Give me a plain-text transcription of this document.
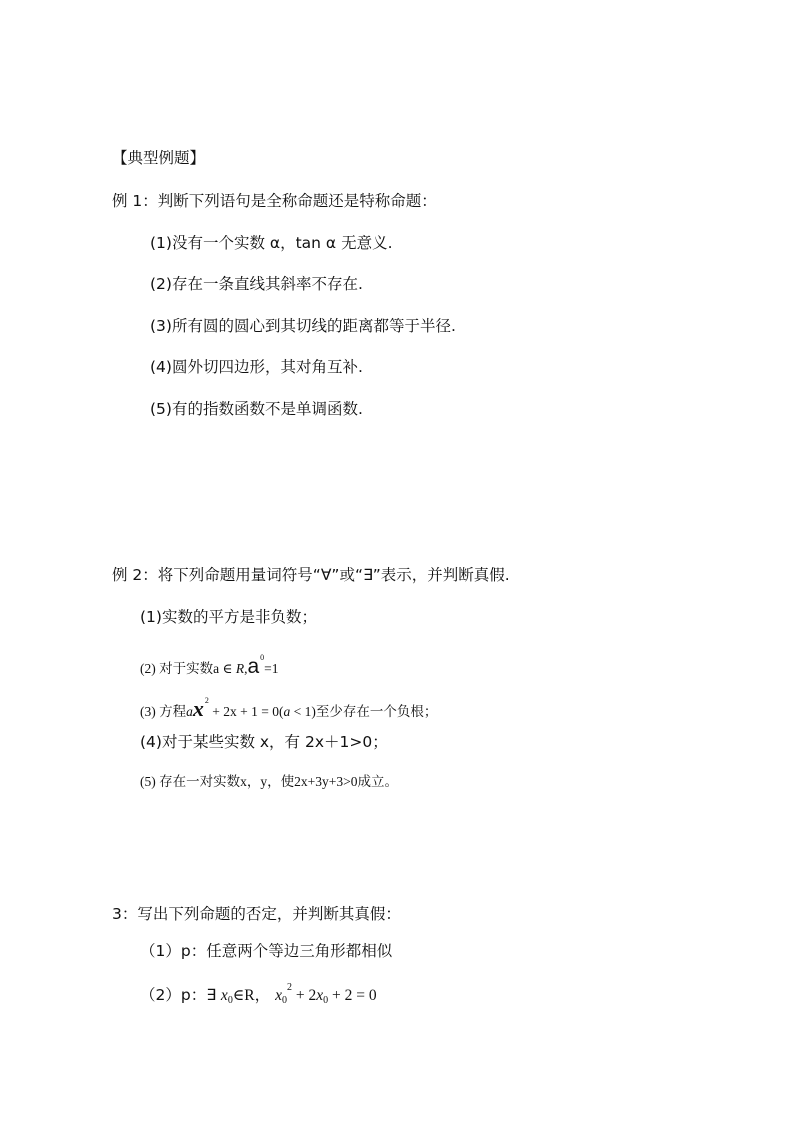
【典型例题】
例 1：判断下列语句是全称命题还是特称命题：
(1)没有一个实数 α，tan α 无意义.
(2)存在一条直线其斜率不存在.
(3)所有圆的圆心到其切线的距离都等于半径.
(4)圆外切四边形，其对角互补.
(5)有的指数函数不是单调函数.
例 2：将下列命题用量词符号“∀”或“∃”表示，并判断真假.
(1)实数的平方是非负数；
(2) 对于实数a ∈ $R,a^0=1$
(3) 方程$ax^2 + 2x + 1 = 0(a < 1)$至少存在一个负根；
(4)对于某些实数 x，有 2x＋1>0；
(5) 存在一对实数x，y，使2x+3y+3>0成立。
3：写出下列命题的否定，并判断其真假：
（1）p：任意两个等边三角形都相似
（2）p：∃ $x_0\in R$， $x_0^2 + 2x_0 + 2 = 0$
